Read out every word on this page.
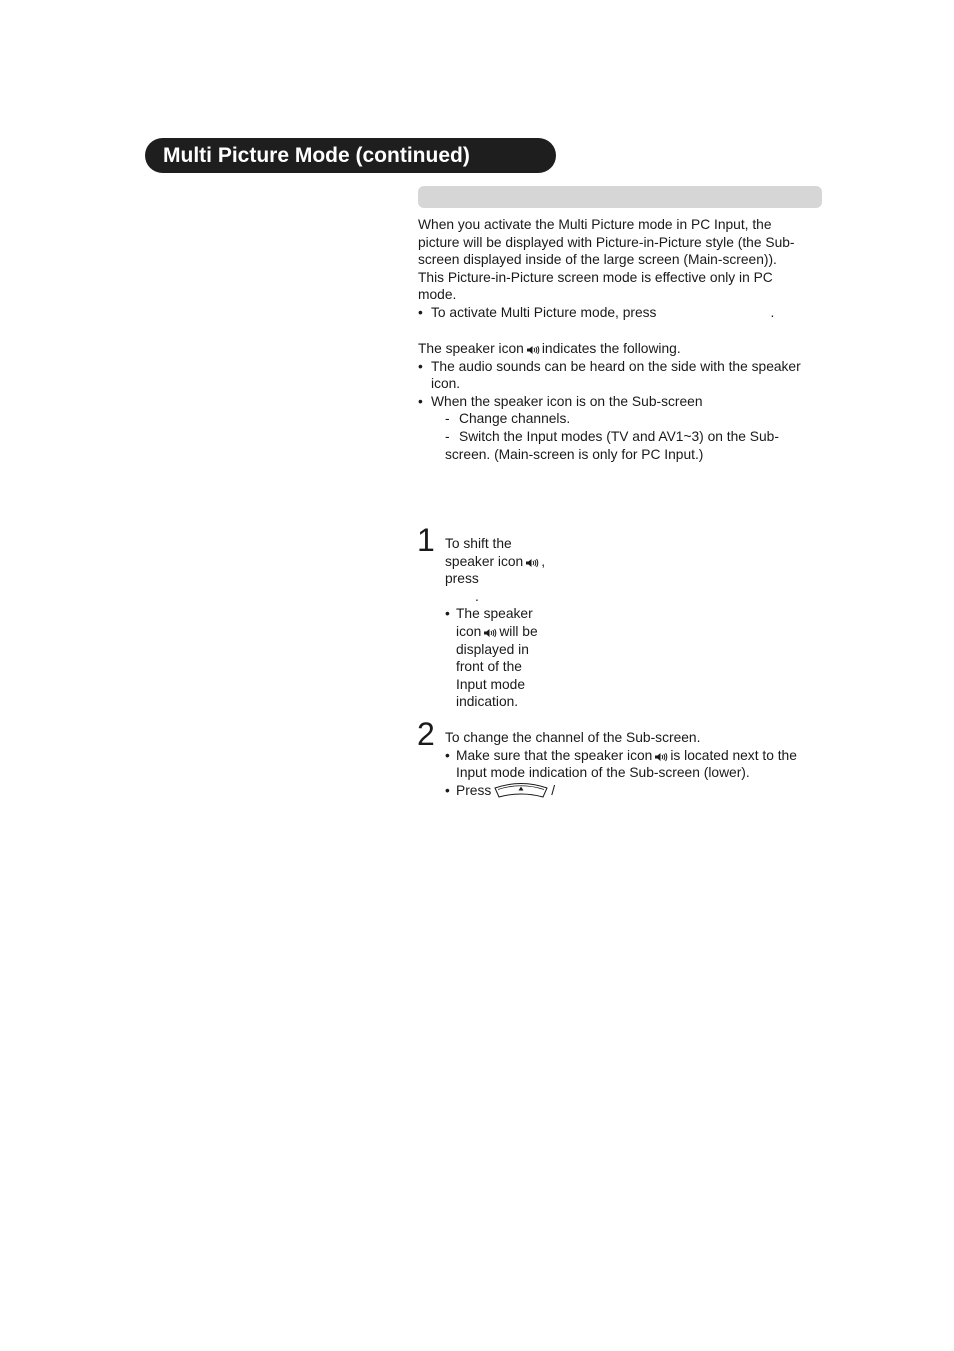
Multi Picture Mode (continued)
When you activate the Multi Picture mode in PC Input, the
picture will be displayed with Picture-in-Picture style (the Sub-
screen displayed inside of the large screen (Main-screen)).
This Picture-in-Picture screen mode is effective only in PC
mode.
• To activate Multi Picture mode, press	.
The speaker icon indicates the following.
• The audio sounds can be heard on the side with the speaker
icon.
• When the speaker icon is on the Sub-screen
- Change channels.
- Switch the Input modes (TV and AV1~3) on the Sub-
screen. (Main-screen is only for PC Input.)
1 To shift the
speaker icon ,
press
.
• The speaker
icon will be
displayed in
front of the
Input mode
indication.
2 To change the channel of the Sub-screen.
• Make sure that the speaker icon is located next to the
Input mode indication of the Sub-screen (lower).
• Press	/
